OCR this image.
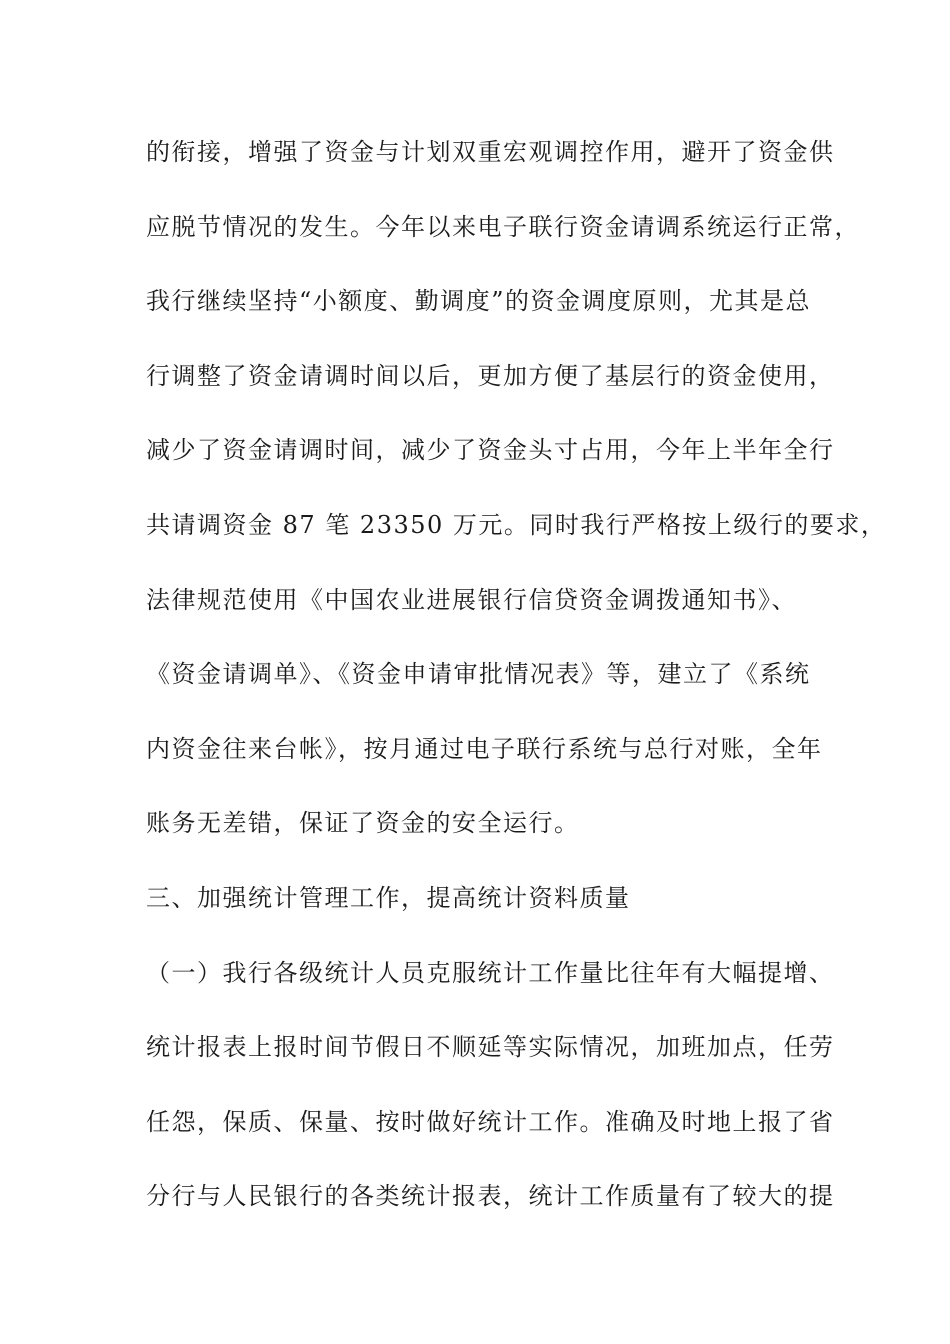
的衔接，增强了资金与计划双重宏观调控作用，避开了资金供
应脱节情况的发生。今年以来电子联行资金请调系统运行正常，
我行继续坚持“小额度、勤调度”的资金调度原则，尤其是总
行调整了资金请调时间以后，更加方便了基层行的资金使用，
减少了资金请调时间，减少了资金头寸占用，今年上半年全行
共请调资金 87 笔 23350 万元。同时我行严格按上级行的要求，
法律规范使用《中国农业进展银行信贷资金调拨通知书》、
《资金请调单》、《资金申请审批情况表》等，建立了《系统
内资金往来台帐》，按月通过电子联行系统与总行对账，全年
账务无差错，保证了资金的安全运行。
三、加强统计管理工作，提高统计资料质量
（一）我行各级统计人员克服统计工作量比往年有大幅提增、
统计报表上报时间节假日不顺延等实际情况，加班加点，任劳
任怨，保质、保量、按时做好统计工作。准确及时地上报了省
分行与人民银行的各类统计报表，统计工作质量有了较大的提
